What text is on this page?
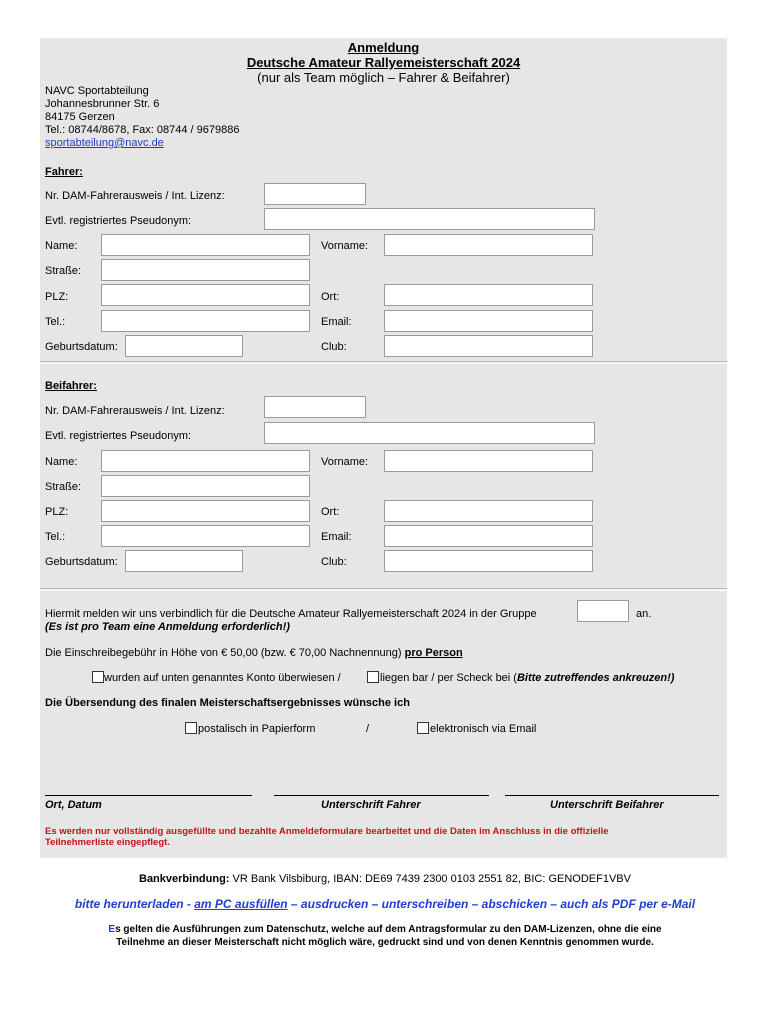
Anmeldung
Deutsche Amateur Rallyemeisterschaft 2024
(nur als Team möglich – Fahrer & Beifahrer)
NAVC Sportabteilung
Johannesbrunner Str. 6
84175 Gerzen
Tel.: 08744/8678, Fax: 08744 / 9679886
sportabteilung@navc.de
Fahrer:
Nr. DAM-Fahrerausweis / Int. Lizenz:
Evtl. registriertes Pseudonym:
Name:	Vorname:
Straße:
PLZ:	Ort:
Tel.:	Email:
Geburtsdatum:	Club:
Beifahrer:
Nr. DAM-Fahrerausweis / Int. Lizenz:
Evtl. registriertes Pseudonym:
Name:	Vorname:
Straße:
PLZ:	Ort:
Tel.:	Email:
Geburtsdatum:	Club:
Hiermit melden wir uns verbindlich für die Deutsche Amateur Rallyemeisterschaft 2024 in der Gruppe	an.
(Es ist pro Team eine Anmeldung erforderlich!)
Die Einschreibegebühr in Höhe von € 50,00 (bzw. € 70,00 Nachnennung) pro Person
wurden auf unten genanntes Konto überwiesen /	liegen bar / per Scheck bei (Bitte zutreffendes ankreuzen!)
Die Übersendung des finalen Meisterschaftsergebnisses wünsche ich
postalisch in Papierform	/	elektronisch via Email
Ort, Datum	Unterschrift Fahrer	Unterschrift Beifahrer
Es werden nur vollständig ausgefüllte und bezahlte Anmeldeformulare bearbeitet und die Daten im Anschluss in die offizielle
Teilnehmerliste eingepflegt.
Bankverbindung: VR Bank Vilsbiburg, IBAN: DE69 7439 2300 0103 2551 82, BIC: GENODEF1VBV
bitte herunterladen - am PC ausfüllen – ausdrucken – unterschreiben – abschicken – auch als PDF per e-Mail
Es gelten die Ausführungen zum Datenschutz, welche auf dem Antragsformular zu den DAM-Lizenzen, ohne die eine
Teilnehme an dieser Meisterschaft nicht möglich wäre, gedruckt sind und von denen Kenntnis genommen wurde.
